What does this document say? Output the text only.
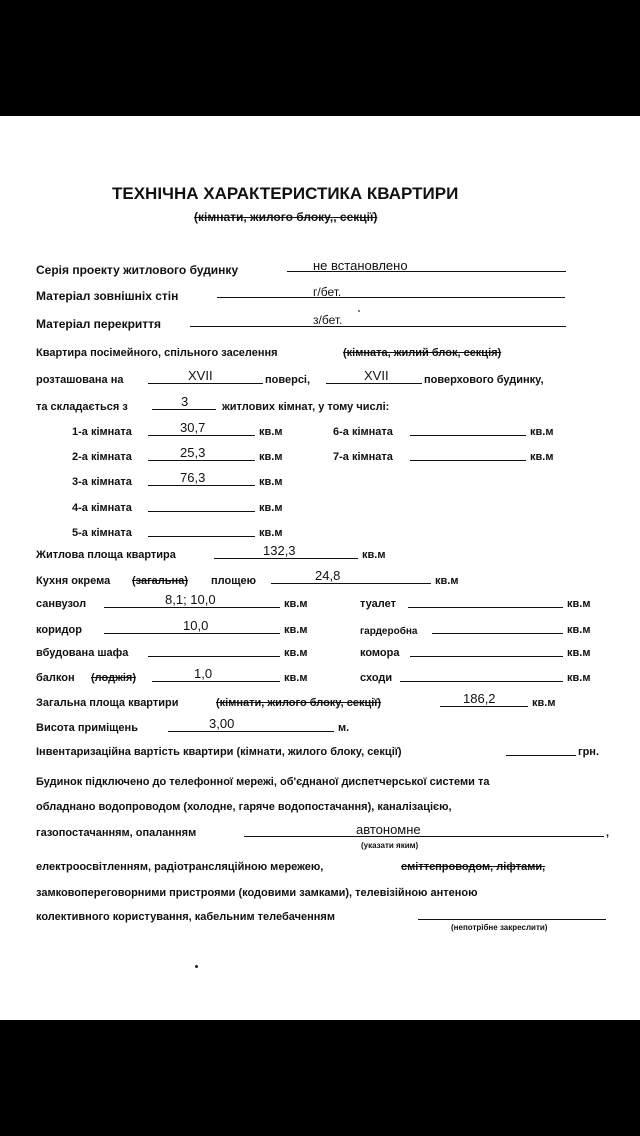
ТЕХНІЧНА ХАРАКТЕРИСТИКА КВАРТИРИ
(кімнати, жилого блоку,, секції)
Серія проекту житлового будинку	не встановлено
Матеріал зовнішніх стін	г/бет.
Матеріал перекриття	з/бет.
Квартира посімейного, спільного заселення	(кімната, жилий блок, секція)
розташована на	XVII	поверсі,	XVII	поверхового будинку,
та складається з	3	житлових кімнат, у тому числі:
1-а кімната	30,7	кв.м
2-а кімната	25,3	кв.м
3-а кімната	76,3	кв.м
4-а кімната	кв.м
5-а кімната	кв.м
6-а кімната	кв.м
7-а кімната	кв.м
Житлова площа квартира	132,3	кв.м
Кухня окрема (загальна) площею	24,8	кв.м
санвузол	8,1; 10,0	кв.м	туалет	кв.м
коридор	10,0	кв.м	гардеробна	кв.м
вбудована шафа	кв.м	комора	кв.м
балкон (лоджія)	1,0	кв.м	сходи	кв.м
Загальна площа квартири	(кімнати, жилого блоку, секції)	186,2	кв.м
Висота приміщень	3,00	м.
Інвентаризаційна вартість квартири (кімнати, жилого блоку, секції)	грн.
Будинок підключено до телефонної мережі, об'єднаної диспетчерської системи та
обладнано водопроводом (холодне, гаряче водопостачання), каналізацією,
газопостачанням, опаланням	автономне	,
(указати яким)
електроосвітленням, радіотрансляційною мережею,	сміттєпроводом, ліфтами,
замковопереговорними пристроями (кодовими замками), телевізійною антеною
колективного користування, кабельним телебаченням
(непотрібне закреслити)
